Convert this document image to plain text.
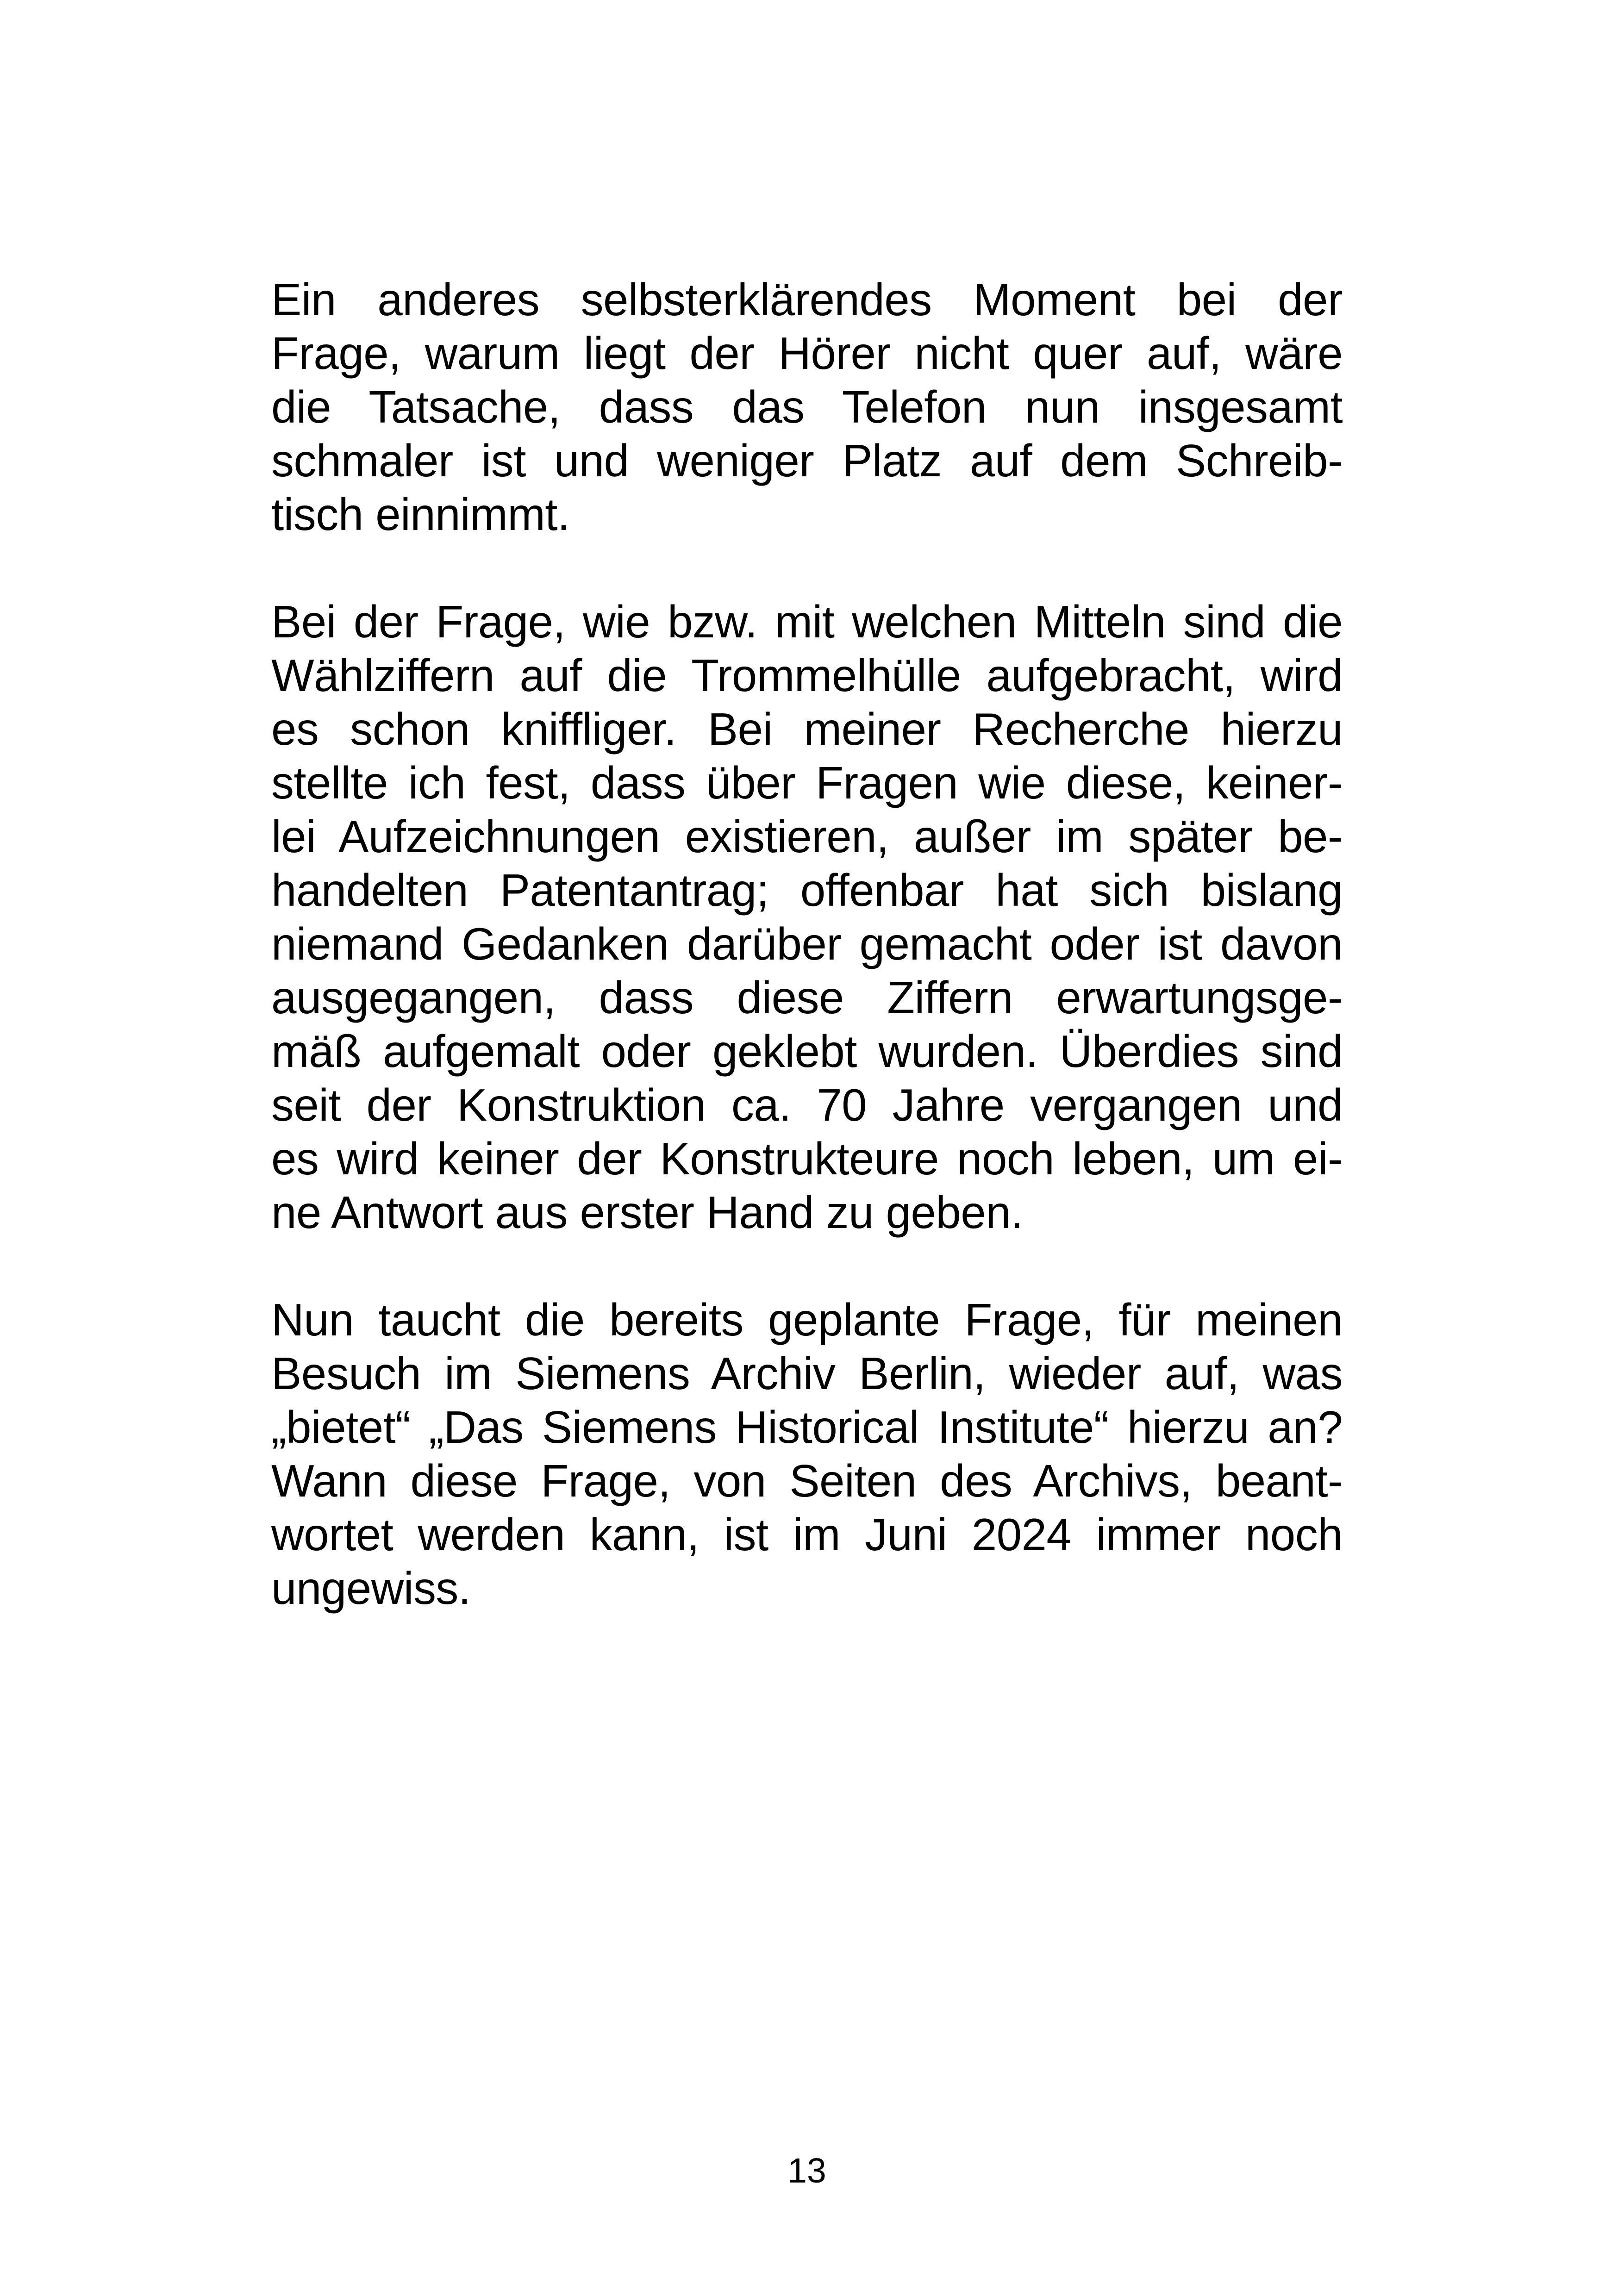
Ein anderes selbsterklärendes Moment bei der
Frage, warum liegt der Hörer nicht quer auf, wäre
die Tatsache, dass das Telefon nun insgesamt
schmaler ist und weniger Platz auf dem Schreib-
tisch einnimmt.
Bei der Frage, wie bzw. mit welchen Mitteln sind die
Wählziffern auf die Trommelhülle aufgebracht, wird
es schon kniffliger. Bei meiner Recherche hierzu
stellte ich fest, dass über Fragen wie diese, keiner-
lei Aufzeichnungen existieren, außer im später be-
handelten Patentantrag; offenbar hat sich bislang
niemand Gedanken darüber gemacht oder ist davon
ausgegangen, dass diese Ziffern erwartungsge-
mäß aufgemalt oder geklebt wurden. Überdies sind
seit der Konstruktion ca. 70 Jahre vergangen und
es wird keiner der Konstrukteure noch leben, um ei-
ne Antwort aus erster Hand zu geben.
Nun taucht die bereits geplante Frage, für meinen
Besuch im Siemens Archiv Berlin, wieder auf, was
„bietet“ „Das Siemens Historical Institute“ hierzu an?
Wann diese Frage, von Seiten des Archivs, beant-
wortet werden kann, ist im Juni 2024 immer noch
ungewiss.
13
